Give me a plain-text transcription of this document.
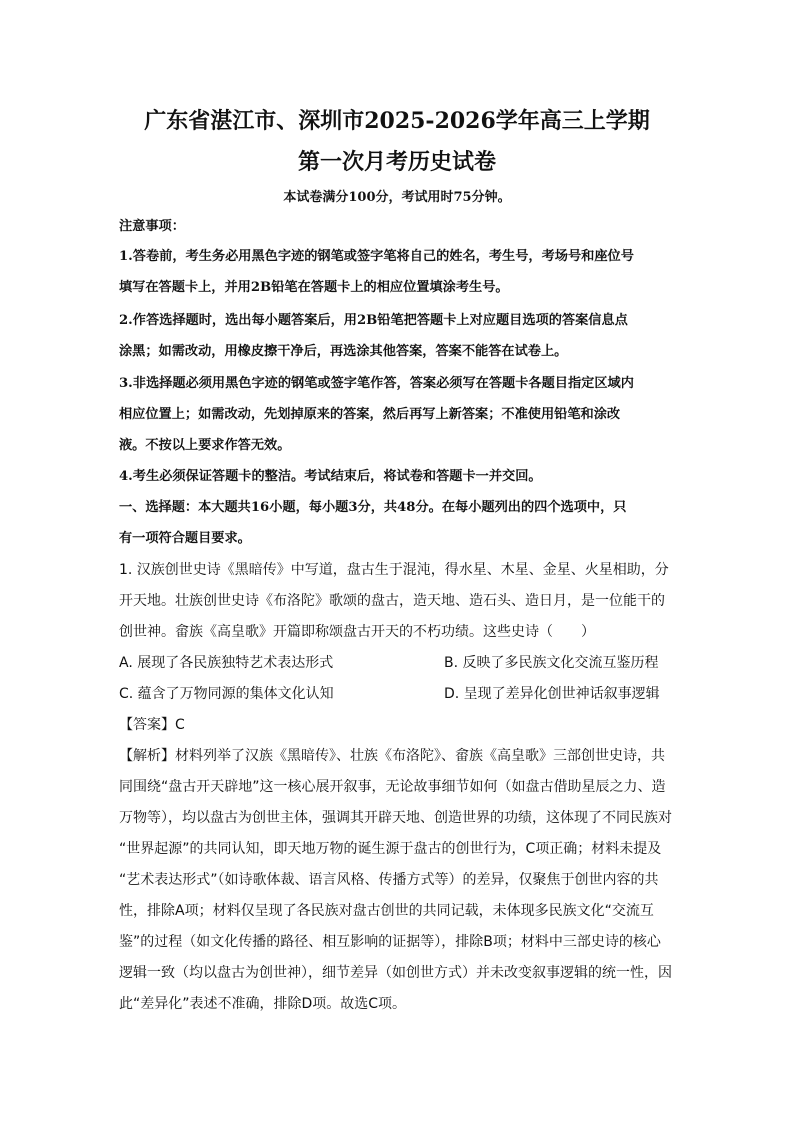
广东省湛江市、深圳市2025-2026学年高三上学期
第一次月考历史试卷
本试卷满分100分，考试用时75分钟。
注意事项：
1.答卷前，考生务必用黑色字迹的钢笔或签字笔将自己的姓名，考生号，考场号和座位号
填写在答题卡上，并用2B铅笔在答题卡上的相应位置填涂考生号。
2.作答选择题时，选出每小题答案后，用2B铅笔把答题卡上对应题目选项的答案信息点
涂黑；如需改动，用橡皮擦干净后，再选涂其他答案，答案不能答在试卷上。
3.非选择题必须用黑色字迹的钢笔或签字笔作答，答案必须写在答题卡各题目指定区域内
相应位置上；如需改动，先划掉原来的答案，然后再写上新答案；不准使用铅笔和涂改
液。不按以上要求作答无效。
4.考生必须保证答题卡的整洁。考试结束后，将试卷和答题卡一并交回。
一、选择题：本大题共16小题，每小题3分，共48分。在每小题列出的四个选项中，只
有一项符合题目要求。
1. 汉族创世史诗《黑暗传》中写道，盘古生于混沌，得水星、木星、金星、火星相助，分
开天地。壮族创世史诗《布洛陀》歌颂的盘古，造天地、造石头、造日月，是一位能干的
创世神。畲族《高皇歌》开篇即称颂盘古开天的不朽功绩。这些史诗（　　）
A. 展现了各民族独特艺术表达形式	B. 反映了多民族文化交流互鉴历程
C. 蕴含了万物同源的集体文化认知	D. 呈现了差异化创世神话叙事逻辑
【答案】C
【解析】材料列举了汉族《黑暗传》、壮族《布洛陀》、畲族《高皇歌》三部创世史诗，共
同围绕“盘古开天辟地”这一核心展开叙事，无论故事细节如何（如盘古借助星辰之力、造
万物等），均以盘古为创世主体，强调其开辟天地、创造世界的功绩，这体现了不同民族对
“世界起源”的共同认知，即天地万物的诞生源于盘古的创世行为，C项正确；材料未提及
“艺术表达形式”（如诗歌体裁、语言风格、传播方式等）的差异，仅聚焦于创世内容的共
性，排除A项；材料仅呈现了各民族对盘古创世的共同记载，未体现多民族文化“交流互
鉴”的过程（如文化传播的路径、相互影响的证据等），排除B项；材料中三部史诗的核心
逻辑一致（均以盘古为创世神），细节差异（如创世方式）并未改变叙事逻辑的统一性，因
此“差异化”表述不准确，排除D项。故选C项。
